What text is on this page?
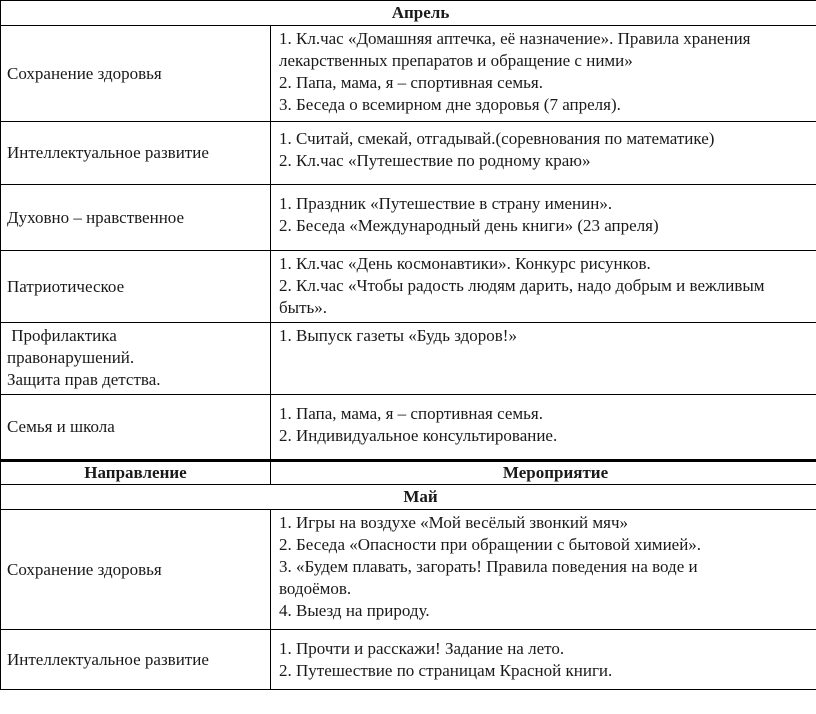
Апрель	
Сохранение здоровья	1. Кл.час «Домашняя аптечка, её назначение». Правила хранения
лекарственных препаратов и обращение с ними»
2. Папа, мама, я – спортивная семья.
3. Беседа о всемирном дне здоровья (7 апреля).

Интеллектуальное развитие	1. Считай, смекай, отгадывай.(соревнования по математике)
2. Кл.час «Путешествие по родному краю»

Духовно – нравственное	1. Праздник «Путешествие в страну именин».
2. Беседа «Международный день книги» (23 апреля)

Патриотическое	1. Кл.час «День космонавтики». Конкурс рисунков.
2. Кл.час «Чтобы радость людям дарить, надо добрым и вежливым
быть».

Профилактика
правонарушений.
Защита прав детства.	1. Выпуск газеты «Будь здоров!»

Семья и школа	1. Папа, мама, я – спортивная семья.
2. Индивидуальное консультирование.

Направление	Мероприятие
Май	
Сохранение здоровья	1. Игры на воздухе «Мой весёлый звонкий мяч»
2. Беседа «Опасности при обращении с бытовой химией».
3. «Будем плавать, загорать! Правила поведения на воде и
водоёмов.
4. Выезд на природу.

Интеллектуальное развитие	1. Прочти и расскажи! Задание на лето.
2. Путешествие по страницам Красной книги.
